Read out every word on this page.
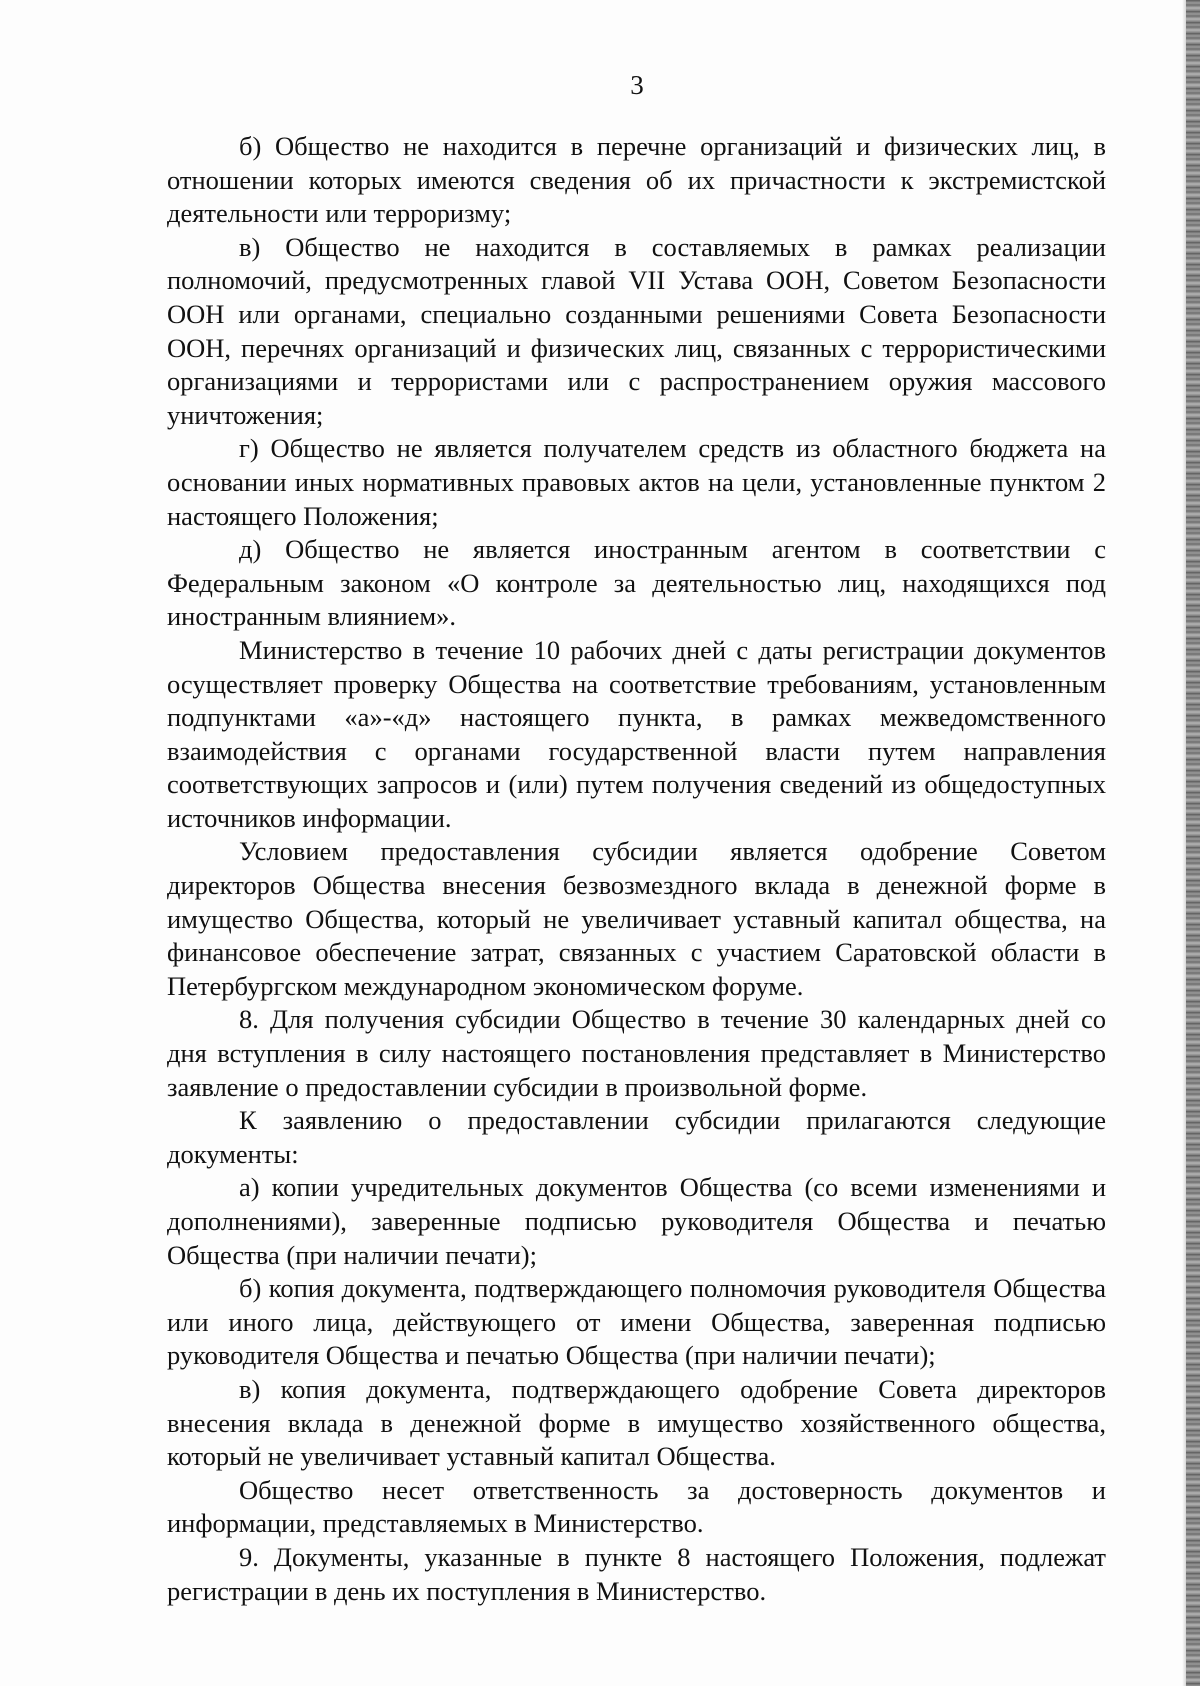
3

б) Общество не находится в перечне организаций и физических лиц, в отношении которых имеются сведения об их причастности к экстремистской деятельности или терроризму;

в) Общество не находится в составляемых в рамках реализации полномочий, предусмотренных главой VII Устава ООН, Советом Безопасности ООН или органами, специально созданными решениями Совета Безопасности ООН, перечнях организаций и физических лиц, связанных с террористическими организациями и террористами или с распространением оружия массового уничтожения;

г) Общество не является получателем средств из областного бюджета на основании иных нормативных правовых актов на цели, установленные пунктом 2 настоящего Положения;

д) Общество не является иностранным агентом в соответствии с Федеральным законом «О контроле за деятельностью лиц, находящихся под иностранным влиянием».

Министерство в течение 10 рабочих дней с даты регистрации документов осуществляет проверку Общества на соответствие требованиям, установленным подпунктами «а»-«д» настоящего пункта, в рамках межведомственного взаимодействия с органами государственной власти путем направления соответствующих запросов и (или) путем получения сведений из общедоступных источников информации.

Условием предоставления субсидии является одобрение Советом директоров Общества внесения безвозмездного вклада в денежной форме в имущество Общества, который не увеличивает уставный капитал общества, на финансовое обеспечение затрат, связанных с участием Саратовской области в Петербургском международном экономическом форуме.

8. Для получения субсидии Общество в течение 30 календарных дней со дня вступления в силу настоящего постановления представляет в Министерство заявление о предоставлении субсидии в произвольной форме.

К заявлению о предоставлении субсидии прилагаются следующие документы:

а) копии учредительных документов Общества (со всеми изменениями и дополнениями), заверенные подписью руководителя Общества и печатью Общества (при наличии печати);

б) копия документа, подтверждающего полномочия руководителя Общества или иного лица, действующего от имени Общества, заверенная подписью руководителя Общества и печатью Общества (при наличии печати);

в) копия документа, подтверждающего одобрение Совета директоров внесения вклада в денежной форме в имущество хозяйственного общества, который не увеличивает уставный капитал Общества.

Общество несет ответственность за достоверность документов и информации, представляемых в Министерство.

9. Документы, указанные в пункте 8 настоящего Положения, подлежат регистрации в день их поступления в Министерство.
